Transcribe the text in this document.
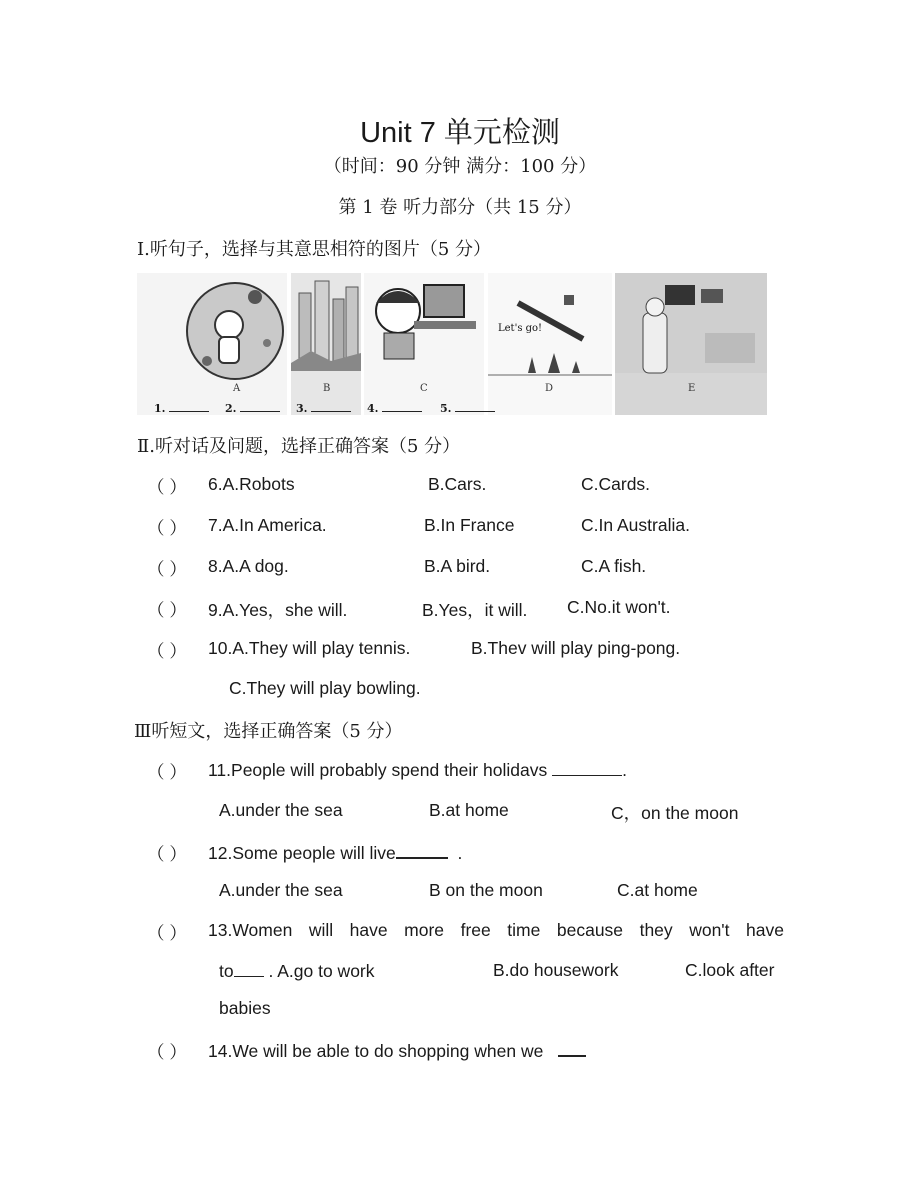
Unit 7 单元检测
（时间：90 分钟 满分：100 分）
第 1 卷 听力部分（共 15 分）
Ⅰ.听句子，选择与其意思相符的图片（5 分）
Let's go!
A	B	C	D	E
1.	2.	3.	4.	5.
Ⅱ.听对话及问题，选择正确答案（5 分）
（ ） 6.A.Robots	B.Cars.	C.Cards.
（ ） 7.A.In America.	B.In France	C.In Australia.
（ ） 8.A.A dog.	B.A bird.	C.A fish.
（ ） 9.A.Yes，she will.	B.Yes，it will. C.No.it won't.
（ ） 10.A.They will play tennis.	B.Thev will play ping-pong.
C.They will play bowling.
Ⅲ听短文，选择正确答案（5 分）
（ ） 11.People will probably spend their holidavs	.
A.under the sea	B.at home	C，on the moon
（ ） 12.Some people will live	.
A.under the sea	B on the moon	C.at home
（ ） 13.Women will have more free time because they won't have
to . A.go to work	B.do housework	C.look after
babies
（ ） 14.We will be able to do shopping when we
